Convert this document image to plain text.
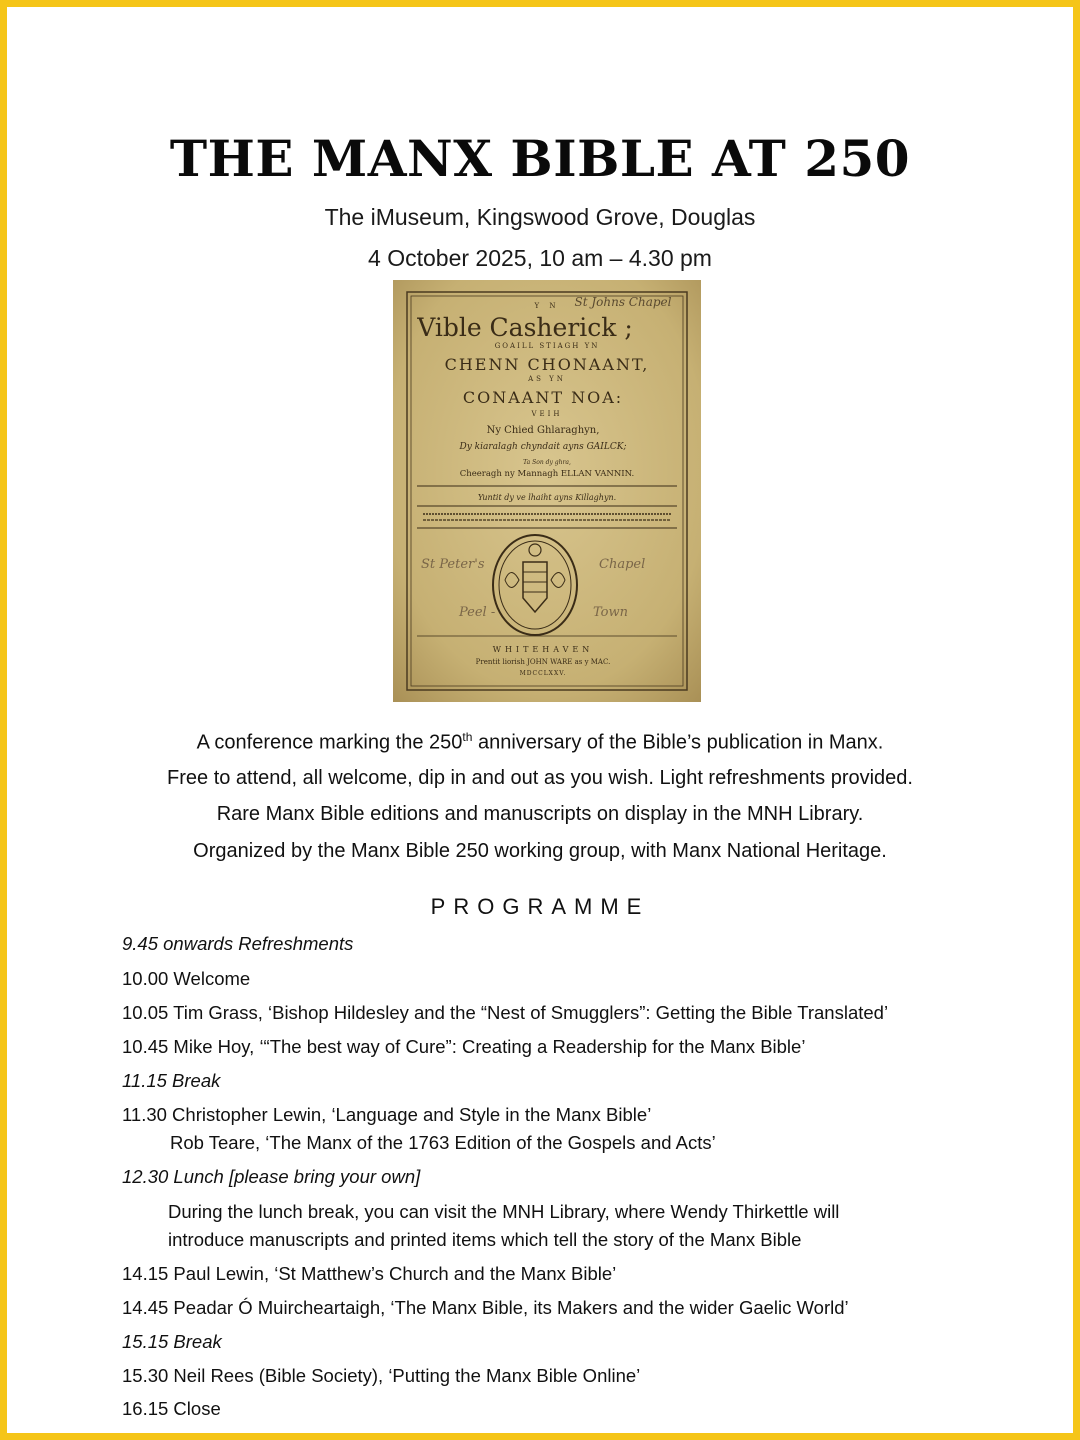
THE MANX BIBLE AT 250
The iMuseum, Kingswood Grove, Douglas
4 October 2025, 10 am – 4.30 pm
Y N St Johns Chapel
Vible Casherick ;
GOAILL STIAGH YN
CHENN CHONAANT,
AS YN
CONAANT NOA:
VEIH
Ny Chied Ghlaraghyn,
Dy kiaralagh chyndait ayns GAILCK;
Ta Son dy ghra,
Cheeragh ny Mannagh ELLAN VANNIN.
Yuntit dy ve lhaiht ayns Killaghyn.
St Peter's	Chapel
Peel -	Town
WHITEHAVEN
Prentit liorish JOHN WARE as y MAC.
MDCCLXXV.
A conference marking the 250th anniversary of the Bible’s publication in Manx.
Free to attend, all welcome, dip in and out as you wish. Light refreshments provided.
Rare Manx Bible editions and manuscripts on display in the MNH Library.
Organized by the Manx Bible 250 working group, with Manx National Heritage.
PROGRAMME
9.45 onwards Refreshments
10.00 Welcome
10.05 Tim Grass, ‘Bishop Hildesley and the “Nest of Smugglers”: Getting the Bible Translated’
10.45 Mike Hoy, ‘“The best way of Cure”: Creating a Readership for the Manx Bible’
11.15 Break
11.30 Christopher Lewin, ‘Language and Style in the Manx Bible’
Rob Teare, ‘The Manx of the 1763 Edition of the Gospels and Acts’
12.30 Lunch [please bring your own]
During the lunch break, you can visit the MNH Library, where Wendy Thirkettle will
introduce manuscripts and printed items which tell the story of the Manx Bible
14.15 Paul Lewin, ‘St Matthew’s Church and the Manx Bible’
14.45 Peadar Ó Muircheartaigh, ‘The Manx Bible, its Makers and the wider Gaelic World’
15.15 Break
15.30 Neil Rees (Bible Society), ‘Putting the Manx Bible Online’
16.15 Close
